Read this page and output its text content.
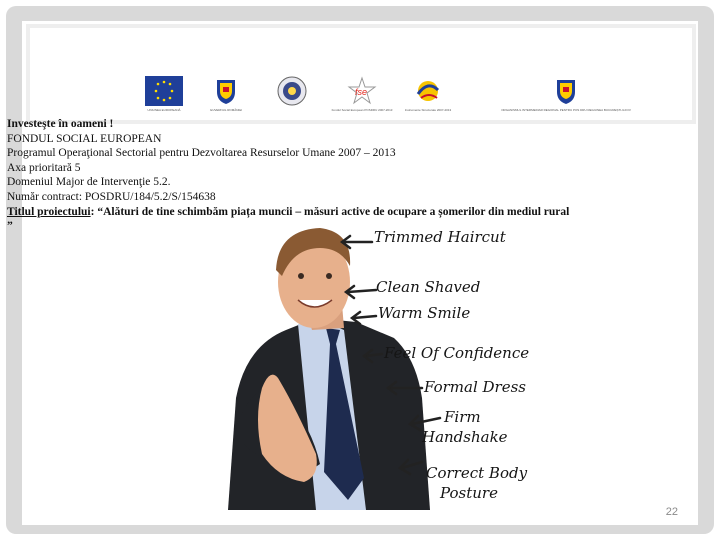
UNIUNEA EUROPEANĂ	GUVERNUL ROMÂNIEI
fse
Fondul Social European POSDRU 2007-2013	Instrumente Structurale 2007-2013	ORGANISMUL INTERMEDIAR REGIONAL PENTRU POS DRU REGIUNEA BUCUREȘTI-ILFOV
Investeşte în oameni !
FONDUL SOCIAL EUROPEAN
Programul Operaţional Sectorial pentru Dezvoltarea Resurselor Umane 2007 – 2013
Axa prioritară 5
Domeniul Major de Intervenţie 5.2.
Număr contract: POSDRU/184/5.2/S/154638
Titlul proiectului: “Alături de tine schimbăm piața muncii – măsuri active de ocupare a șomerilor din mediul rural
”
Trimmed Haircut
Clean Shaved
Warm Smile
Feel Of Confidence
Formal Dress
Firm
Handshake
Correct Body
Posture
22
